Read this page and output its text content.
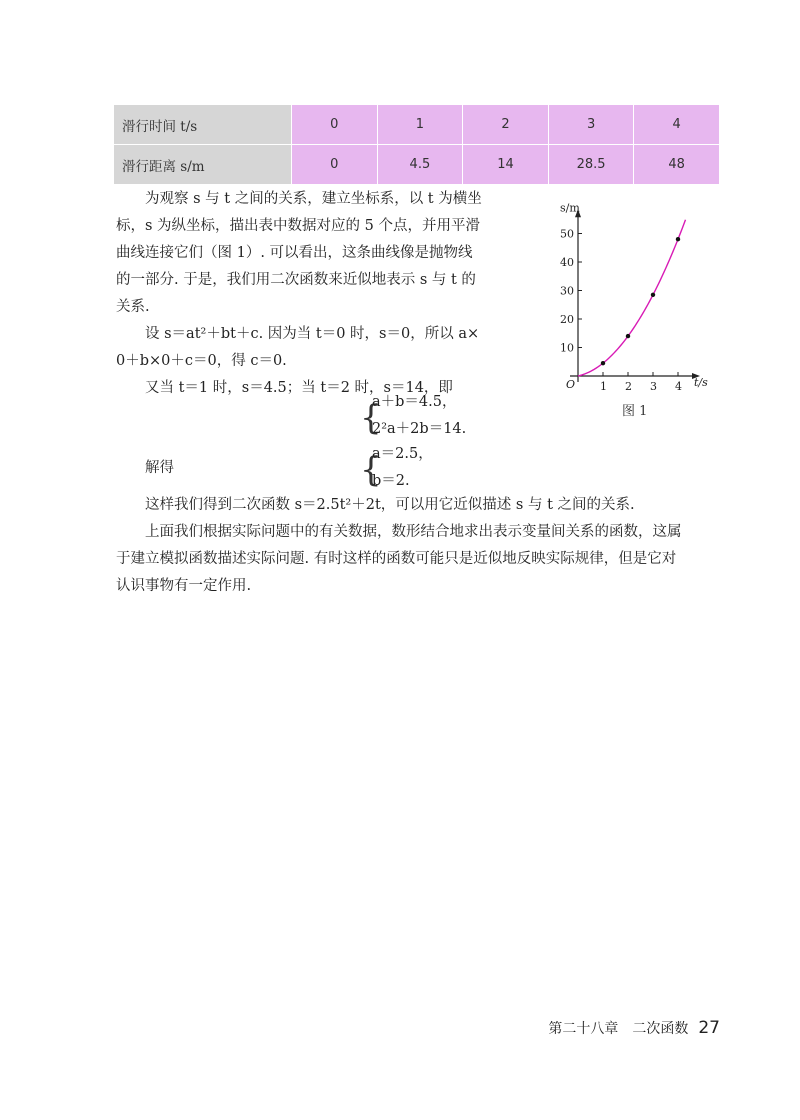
滑行时间 t/s	0	1	2	3	4
滑行距离 s/m	0	4.5	14	28.5	48

为观察 s 与 t 之间的关系，建立坐标系，以 t 为横坐
标，s 为纵坐标，描出表中数据对应的 5 个点，并用平滑
曲线连接它们（图 1）. 可以看出，这条曲线像是抛物线
的一部分. 于是，我们用二次函数来近似地表示 s 与 t 的
关系.

设 s＝at²＋bt＋c. 因为当 t＝0 时，s＝0，所以 a×
0＋b×0＋c＝0，得 c＝0.

又当 t＝1 时，s＝4.5；当 t＝2 时，s＝14，即

{
a＋b＝4.5，
2²a＋2b＝14.
解得	{
a＝2.5，
b＝2.

这样我们得到二次函数 s＝2.5t²＋2t，可以用它近似描述 s 与 t 之间的关系.

上面我们根据实际问题中的有关数据，数形结合地求出表示变量间关系的函数，这属
于建立模拟函数描述实际问题. 有时这样的函数可能只是近似地反映实际规律，但是它对
认识事物有一定作用.

s/m
t/s
O 1 2 3 4
10
20
30
40
50
图 1
第二十八章　二次函数 27
